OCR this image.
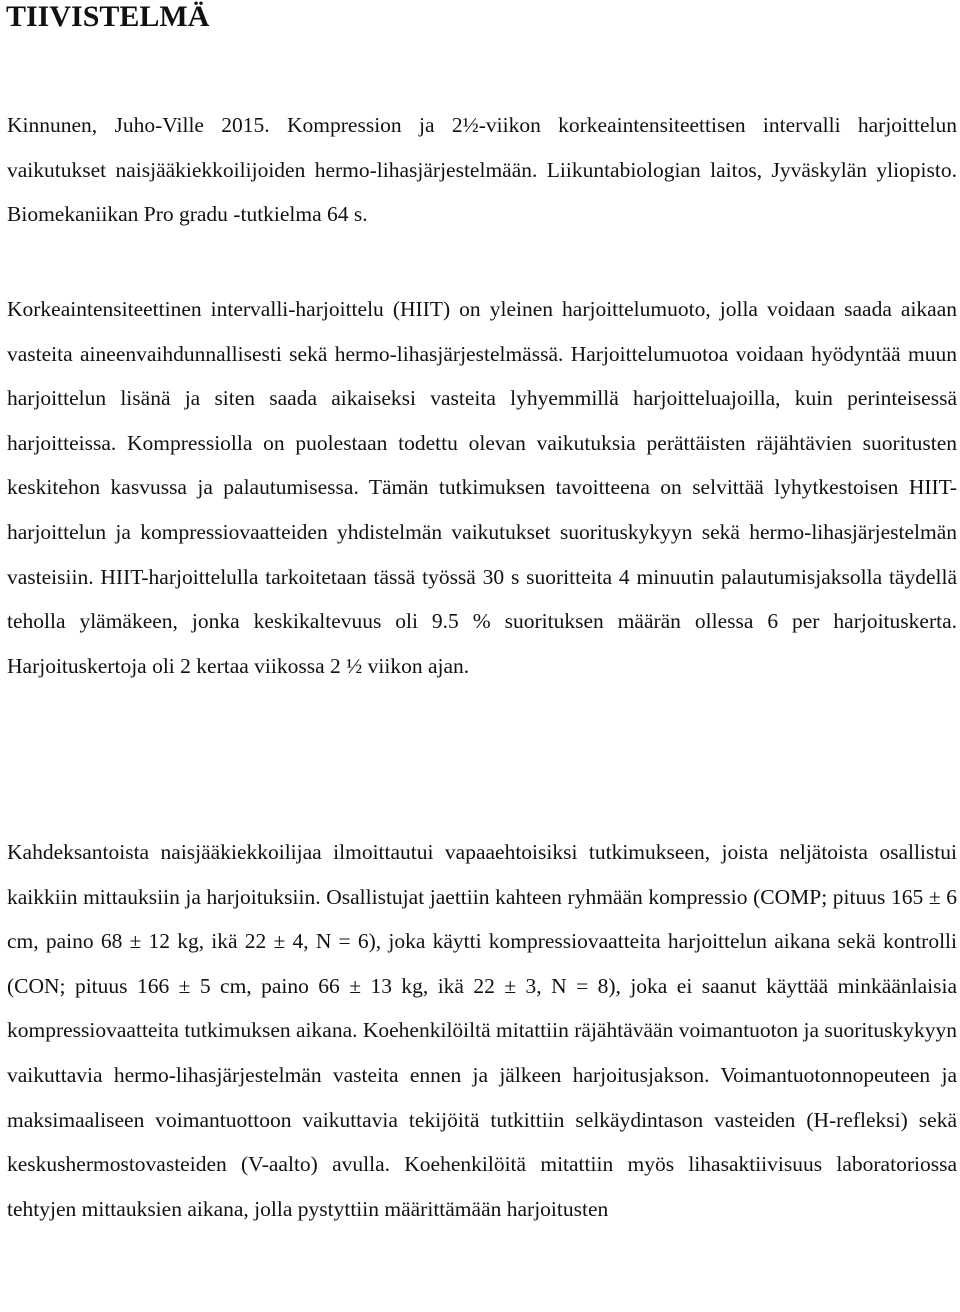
TIIVISTELMÄ

Kinnunen, Juho-Ville 2015. Kompression ja 2½-viikon korkeaintensiteettisen intervalli harjoittelun vaikutukset naisjääkiekkoilijoiden hermo-lihasjärjestelmään. Liikuntabiologian laitos, Jyväskylän yliopisto. Biomekaniikan Pro gradu -tutkielma 64 s.

Korkeaintensiteettinen intervalli-harjoittelu (HIIT) on yleinen harjoittelumuoto, jolla voidaan saada aikaan vasteita aineenvaihdunnallisesti sekä hermo-lihasjärjestelmässä. Harjoittelumuotoa voidaan hyödyntää muun harjoittelun lisänä ja siten saada aikaiseksi vasteita lyhyemmillä harjoitteluajoilla, kuin perinteisessä harjoitteissa. Kompressiolla on puolestaan todettu olevan vaikutuksia perättäisten räjähtävien suoritusten keskitehon kasvussa ja palautumisessa. Tämän tutkimuksen tavoitteena on selvittää lyhytkestoisen HIIT-harjoittelun ja kompressiovaatteiden yhdistelmän vaikutukset suorituskykyyn sekä hermo-lihasjärjestelmän vasteisiin. HIIT-harjoittelulla tarkoitetaan tässä työssä 30 s suoritteita 4 minuutin palautumisjaksolla täydellä teholla ylämäkeen, jonka keskikaltevuus oli 9.5 % suorituksen määrän ollessa 6 per harjoituskerta. Harjoituskertoja oli 2 kertaa viikossa 2 ½ viikon ajan.

Kahdeksantoista naisjääkiekkoilijaa ilmoittautui vapaaehtoisiksi tutkimukseen, joista neljätoista osallistui kaikkiin mittauksiin ja harjoituksiin. Osallistujat jaettiin kahteen ryhmään kompressio (COMP; pituus 165 ± 6 cm, paino 68 ± 12 kg, ikä 22 ± 4, N = 6), joka käytti kompressiovaatteita harjoittelun aikana sekä kontrolli (CON; pituus 166 ± 5 cm, paino 66 ± 13 kg, ikä 22 ± 3, N = 8), joka ei saanut käyttää minkäänlaisia kompressiovaatteita tutkimuksen aikana. Koehenkilöiltä mitattiin räjähtävään voimantuoton ja suorituskykyyn vaikuttavia hermo-lihasjärjestelmän vasteita ennen ja jälkeen harjoitusjakson. Voimantuotonnopeuteen ja maksimaaliseen voimantuottoon vaikuttavia tekijöitä tutkittiin selkäydintason vasteiden (H-refleksi) sekä keskushermostovasteiden (V-aalto) avulla. Koehenkilöitä mitattiin myös lihasaktiivisuus laboratoriossa tehtyjen mittauksien aikana, jolla pystyttiin määrittämään harjoitusten
